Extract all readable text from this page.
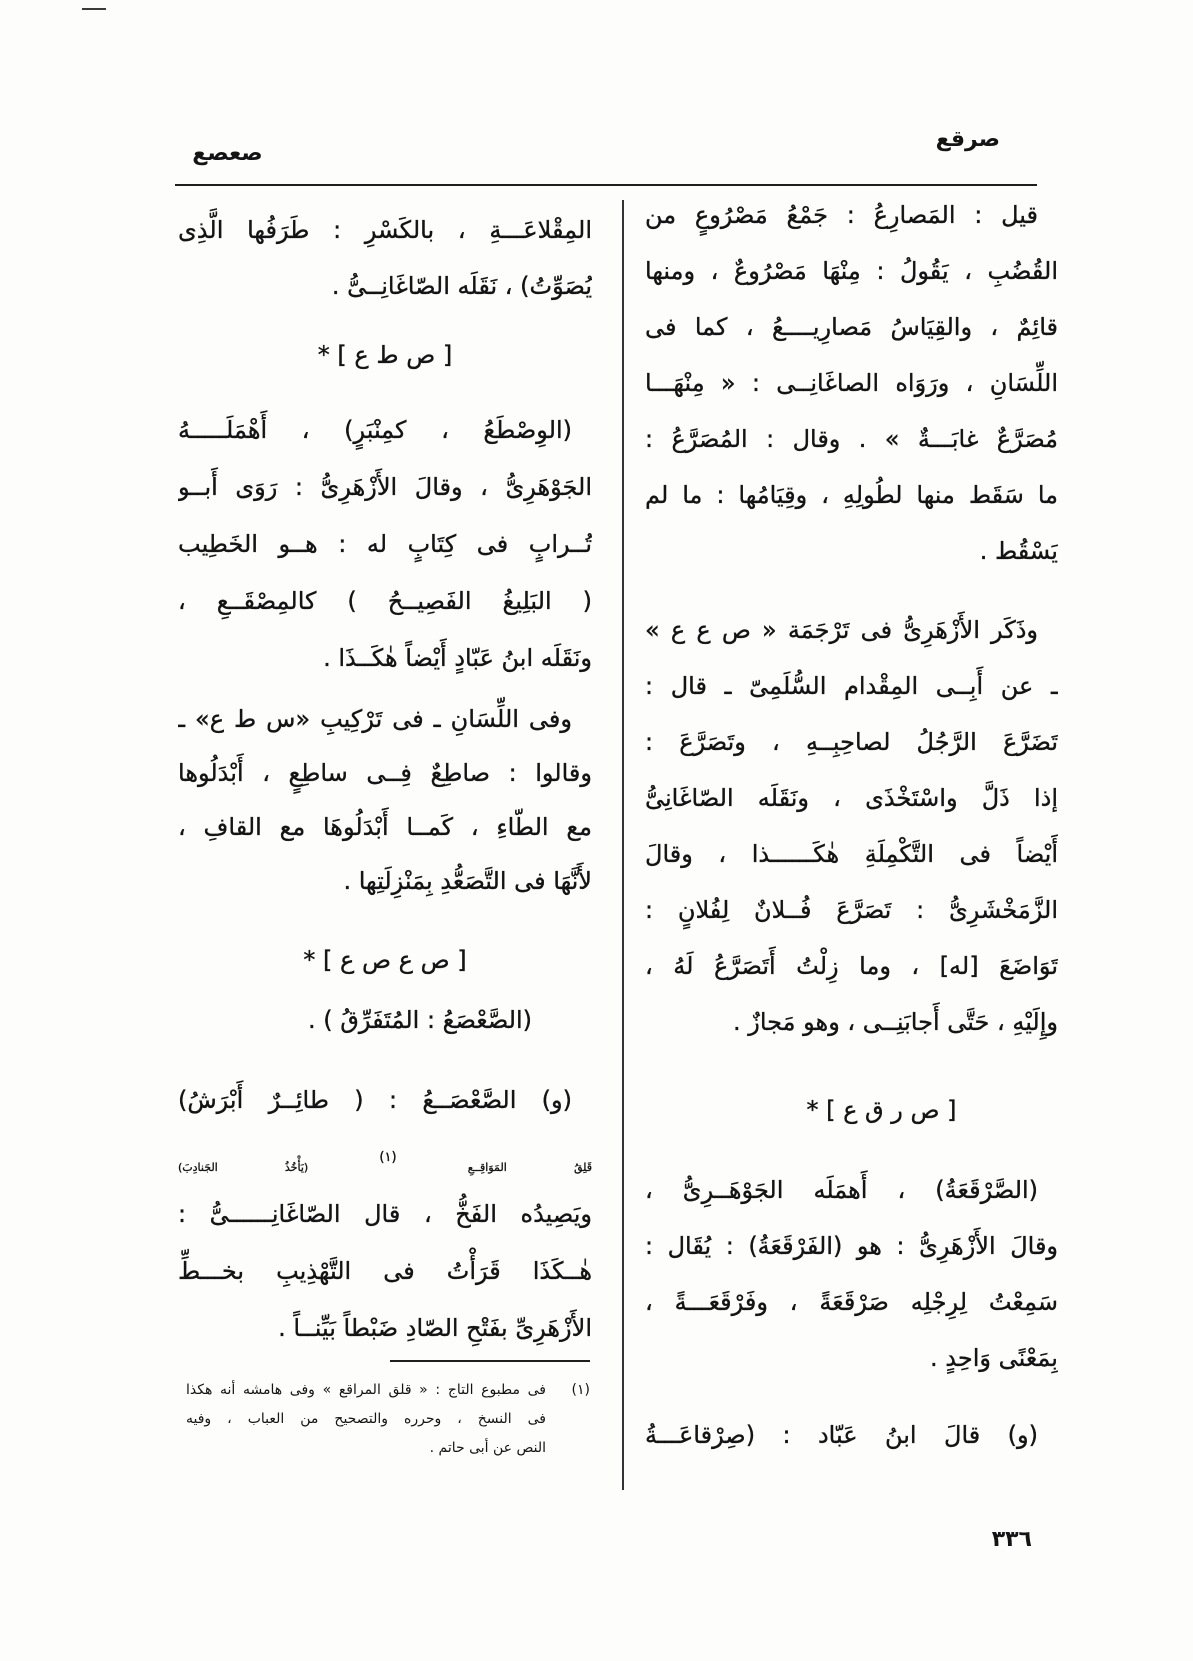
صرقع
صعصع
قيل : المَصارِعُ : جَمْعُ مَصْرُوعٍ من
القُضُبِ ، يَقُولُ : مِنْهَا مَصْرُوعٌ ، ومنها
قائِمٌ ، والقِيَاسُ مَصارِيــــعُ ، كما فى
اللِّسَانِ ، ورَوَاه الصاغَانِــى : « مِنْهَـــا
مُصَرَّعٌ غابَـــةٌ » . وقال : المُصَرَّعُ :
ما سَقَط منها لطُولِهِ ، وقِيَامُها : ما لم
يَسْقُط .
وذَكَر الأَزْهَرِىُّ فى تَرْجَمَة « ص ع ع »
ـ عن أَبِــى المِقْدام السُّلَمِىّ ـ قال :
تَضَرَّعَ الرَّجُلُ لصاحِبِــهِ ، وتَصَرَّعَ :
إذا ذَلَّ واسْتَخْذَى ، ونَقَلَه الصّاغَانِىُّ
أَيْضاً فى التَّكْمِلَةِ هٰكَــــــذا ، وقالَ
الزَّمَخْشَرِىُّ : تَصَرَّعَ فُــلانٌ لِفُلانٍ :
تَوَاضَعَ [له] ، وما زِلْتُ أَتَصَرَّعُ لَهُ ،
وإِلَيْهِ ، حَتَّى أَجابَنِــى ، وهو مَجازٌ .
[ ص ر ق ع ] *
(الصَّرْقَعَةُ) ، أَهمَلَه الجَوْهَــرِىُّ ،
وقالَ الأَزْهَرِىُّ : هو (الفَرْقَعَةُ) : يُقَال :
سَمِعْتُ لِرِجْلِه صَرْقَعَةً ، وفَرْقَعَـــةً ،
بِمَعْنًى وَاحِدٍ .
(و) قالَ ابنُ عَبّاد : (صِرْقاعَـــةُ
٣٣٦
المِقْلاعَـــةِ ، بالكَسْرِ : طَرَفُها الَّذِى
يُصَوِّتُ) ، نَقَلَه الصّاغَانِــىُّ .
[ ص ط ع ] *
(الوِصْطَعُ ، كمِنْبَرٍ) ، أَهْمَلَـــــهُ
الجَوْهَرِىُّ ، وقالَ الأَزْهَرِىُّ : رَوَى أَبــو
تُــرابٍ فى كِتَابٍ له : هــو الخَطِيب
( البَلِيغُ الفَصِيــحُ ) كالمِصْقَــعِ ،
ونَقَلَه ابنُ عَبّادٍ أَيْضاً هٰكَــذَا .
وفى اللِّسَانِ ـ فى تَرْكِيبِ «س ط ع» ـ
وقالوا : صاطِعٌ فِــى ساطِعٍ ، أَبْدَلُوها
مع الطّاءِ ، كَمــا أَبْدَلُوهَا مع القافِ ،
لأَنَّهَا فى التَّصَعُّدِ بِمَنْزِلَتِها .
[ ص ع ص ع ] *
(الصَّعْصَعُ : المُتَفَرِّقُ ) .
(و) الصَّعْصَــعُ : ( طائِــرٌ أَبْرَشُ)
قَلِقُ المَوَاقِــعِ (١) (يَأْخُذُ الجَنادِبَ)
ويَصِيدُه الفَخُّ ، قال الصّاغَانِــــــىُّ :
هٰــكَذَا قَرَأْتُ فى التَّهْذِيبِ بخـــطِّ
الأَزْهَرِىِّ بفَتْحِ الصّادِ ضَبْطاً بَيِّنــاً .
(١)
فى مطبوع التاج : « قلق المراقع » وفى هامشه أنه هكذا
فى النسخ ، وحرره والتصحيح من العباب ، وفيه
النص عن أبى حاتم .
